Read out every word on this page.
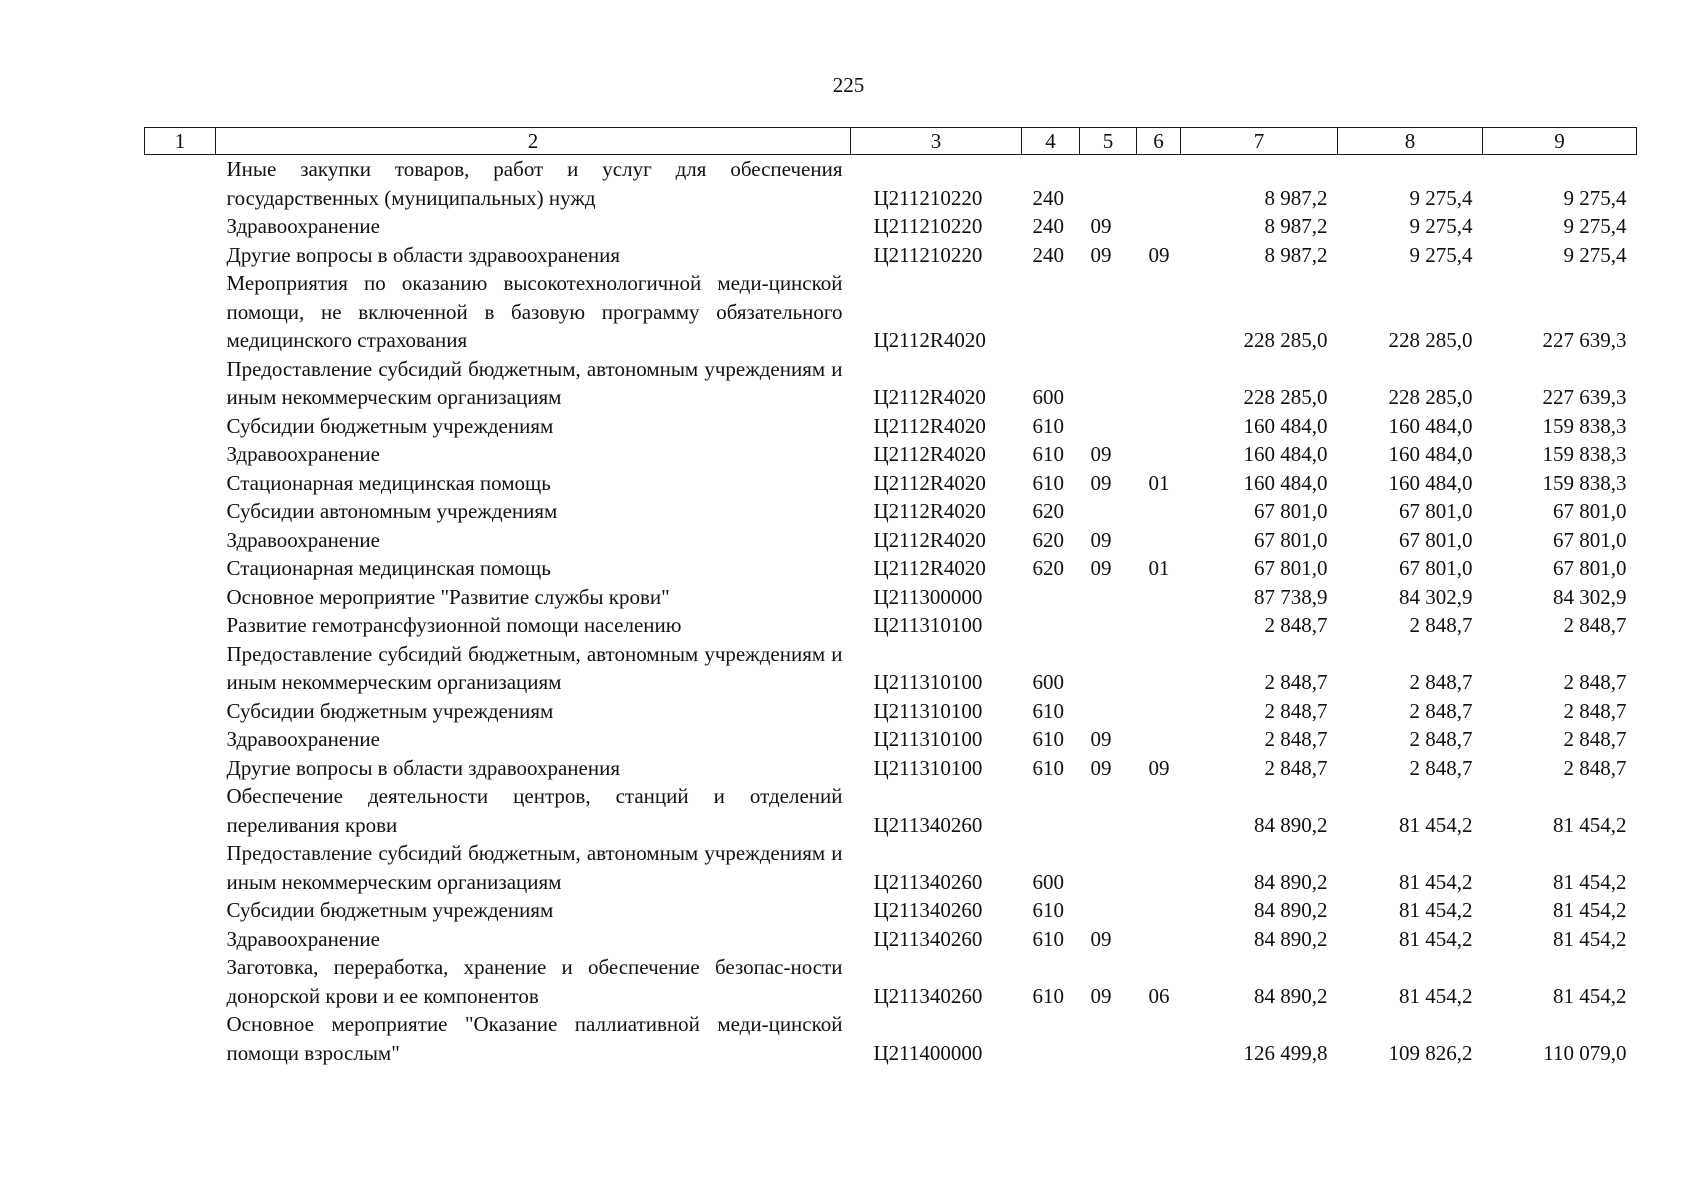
225
1	2	3	4	5	6	7	8	9
	Иные закупки товаров, работ и услуг для обеспечения государственных (муниципальных) нужд	Ц211210220	240			8 987,2	9 275,4	9 275,4
	Здравоохранение	Ц211210220	240	09		8 987,2	9 275,4	9 275,4
	Другие вопросы в области здравоохранения	Ц211210220	240	09	09	8 987,2	9 275,4	9 275,4
	Мероприятия по оказанию высокотехнологичной меди-цинской помощи, не включенной в базовую программу обязательного медицинского страхования	Ц2112R4020				228 285,0	228 285,0	227 639,3
	Предоставление субсидий бюджетным, автономным учреждениям и иным некоммерческим организациям	Ц2112R4020	600			228 285,0	228 285,0	227 639,3
	Субсидии бюджетным учреждениям	Ц2112R4020	610			160 484,0	160 484,0	159 838,3
	Здравоохранение	Ц2112R4020	610	09		160 484,0	160 484,0	159 838,3
	Стационарная медицинская помощь	Ц2112R4020	610	09	01	160 484,0	160 484,0	159 838,3
	Субсидии автономным учреждениям	Ц2112R4020	620			67 801,0	67 801,0	67 801,0
	Здравоохранение	Ц2112R4020	620	09		67 801,0	67 801,0	67 801,0
	Стационарная медицинская помощь	Ц2112R4020	620	09	01	67 801,0	67 801,0	67 801,0
	Основное мероприятие "Развитие службы крови"	Ц211300000				87 738,9	84 302,9	84 302,9
	Развитие гемотрансфузионной помощи населению	Ц211310100				2 848,7	2 848,7	2 848,7
	Предоставление субсидий бюджетным, автономным учреждениям и иным некоммерческим организациям	Ц211310100	600			2 848,7	2 848,7	2 848,7
	Субсидии бюджетным учреждениям	Ц211310100	610			2 848,7	2 848,7	2 848,7
	Здравоохранение	Ц211310100	610	09		2 848,7	2 848,7	2 848,7
	Другие вопросы в области здравоохранения	Ц211310100	610	09	09	2 848,7	2 848,7	2 848,7
	Обеспечение деятельности центров, станций и отделений переливания крови	Ц211340260				84 890,2	81 454,2	81 454,2
	Предоставление субсидий бюджетным, автономным учреждениям и иным некоммерческим организациям	Ц211340260	600			84 890,2	81 454,2	81 454,2
	Субсидии бюджетным учреждениям	Ц211340260	610			84 890,2	81 454,2	81 454,2
	Здравоохранение	Ц211340260	610	09		84 890,2	81 454,2	81 454,2
	Заготовка, переработка, хранение и обеспечение безопас-ности донорской крови и ее компонентов	Ц211340260	610	09	06	84 890,2	81 454,2	81 454,2
	Основное мероприятие "Оказание паллиативной меди-цинской помощи взрослым"	Ц211400000				126 499,8	109 826,2	110 079,0
